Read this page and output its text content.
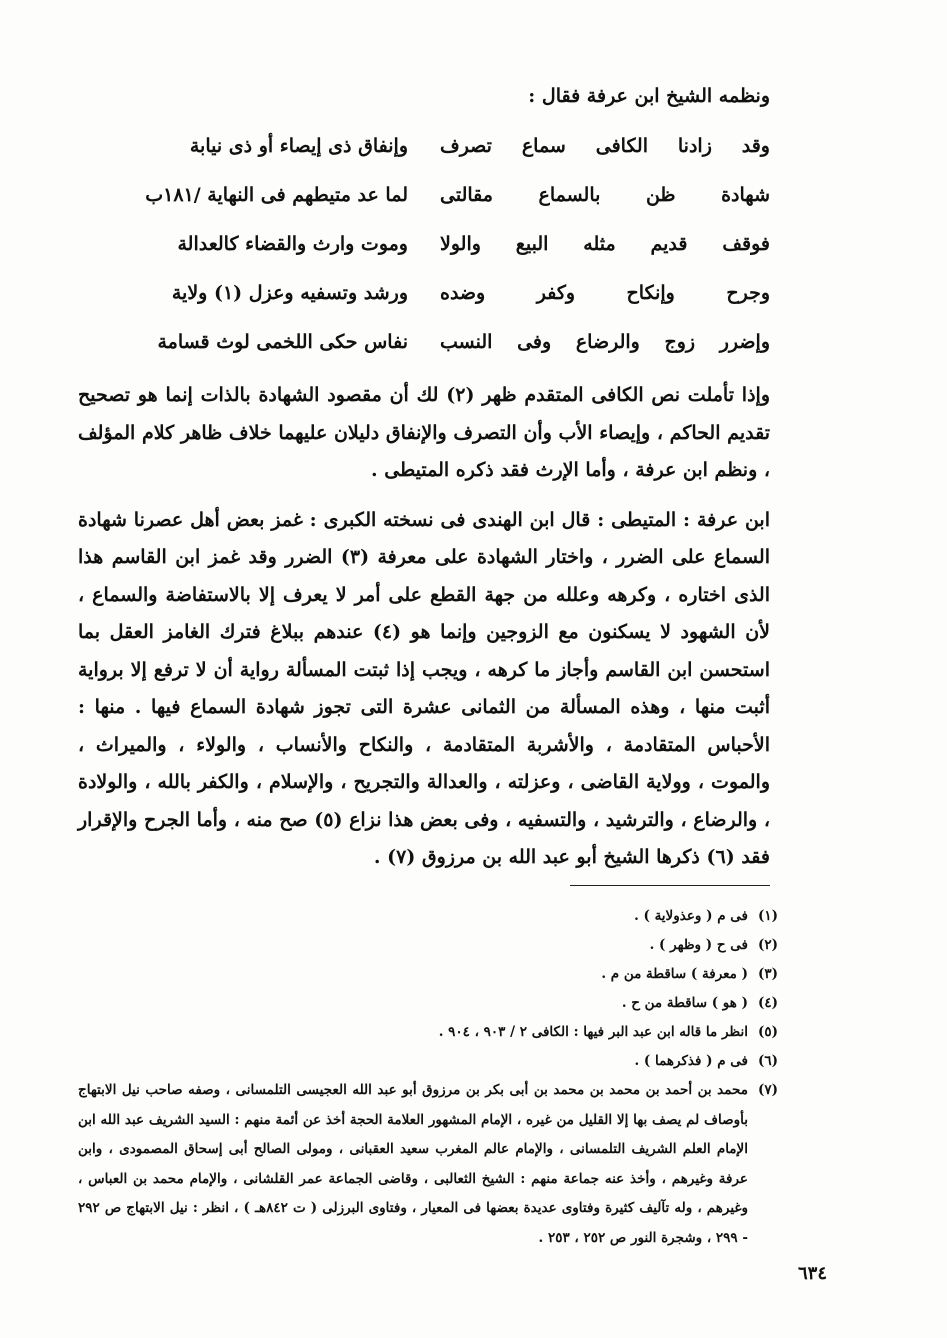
ونظمه الشيخ ابن عرفة فقال :

وقد زادنا الكافى سماع تصرف
وإنفاق ذى إيصاء أو ذى نيابة
شهادة ظن بالسماع مقالتى
لما عد متيطهم فى النهاية /١٨١ب
فوقف قديم مثله البيع والولا
وموت وارث والقضاء كالعدالة
وجرح وإنكاح وكفر وضده
ورشد وتسفيه وعزل (١) ولاية
وإضرر زوج والرضاع وفى النسب
نفاس حكى اللخمى لوث قسامة

وإذا تأملت نص الكافى المتقدم ظهر (٢) لك أن مقصود الشهادة بالذات إنما هو تصحيح تقديم الحاكم ، وإيصاء الأب وأن التصرف والإنفاق دليلان عليهما خلاف ظاهر كلام المؤلف ، ونظم ابن عرفة ، وأما الإرث فقد ذكره المتيطى .

ابن عرفة : المتيطى : قال ابن الهندى فى نسخته الكبرى : غمز بعض أهل عصرنا شهادة السماع على الضرر ، واختار الشهادة على معرفة (٣) الضرر وقد غمز ابن القاسم هذا الذى اختاره ، وكرهه وعلله من جهة القطع على أمر لا يعرف إلا بالاستفاضة والسماع ، لأن الشهود لا يسكنون مع الزوجين وإنما هو (٤) عندهم ببلاغ فترك الغامز العقل بما استحسن ابن القاسم وأجاز ما كرهه ، ويجب إذا ثبتت المسألة رواية أن لا ترفع إلا برواية أثبت منها ، وهذه المسألة من الثمانى عشرة التى تجوز شهادة السماع فيها . منها : الأحباس المتقادمة ، والأشربة المتقادمة ، والنكاح والأنساب ، والولاء ، والميراث ، والموت ، وولاية القاضى ، وعزلته ، والعدالة والتجريح ، والإسلام ، والكفر بالله ، والولادة ، والرضاع ، والترشيد ، والتسفيه ، وفى بعض هذا نزاع (٥) صح منه ، وأما الجرح والإقرار فقد (٦) ذكرها الشيخ أبو عبد الله بن مرزوق (٧) .

(١)
فى م ( وعذولاية ) .
(٢)
فى ح ( وظهر ) .
(٣)
( معرفة ) ساقطة من م .
(٤)
( هو ) ساقطة من ح .
(٥)
انظر ما قاله ابن عبد البر فيها : الكافى ٢ / ٩٠٣ ، ٩٠٤ .
(٦)
فى م ( فذكرهما ) .
(٧)
محمد بن أحمد بن محمد بن محمد بن أبى بكر بن مرزوق أبو عبد الله العجيسى التلمسانى ، وصفه صاحب نيل الابتهاج بأوصاف لم يصف بها إلا القليل من غيره ، الإمام المشهور العلامة الحجة أخذ عن أئمة منهم : السيد الشريف عبد الله ابن الإمام العلم الشريف التلمسانى ، والإمام عالم المغرب سعيد العقبانى ، ومولى الصالح أبى إسحاق المصمودى ، وابن عرفة وغيرهم ، وأخذ عنه جماعة منهم : الشيخ الثعالبى ، وقاضى الجماعة عمر القلشانى ، والإمام محمد بن العباس ، وغيرهم ، وله تآليف كثيرة وفتاوى عديدة بعضها فى المعيار ، وفتاوى البرزلى ( ت ٨٤٢هـ ) ، انظر : نيل الابتهاج ص ٢٩٢ - ٢٩٩ ، وشجرة النور ص ٢٥٢ ، ٢٥٣ .
٦٣٤
